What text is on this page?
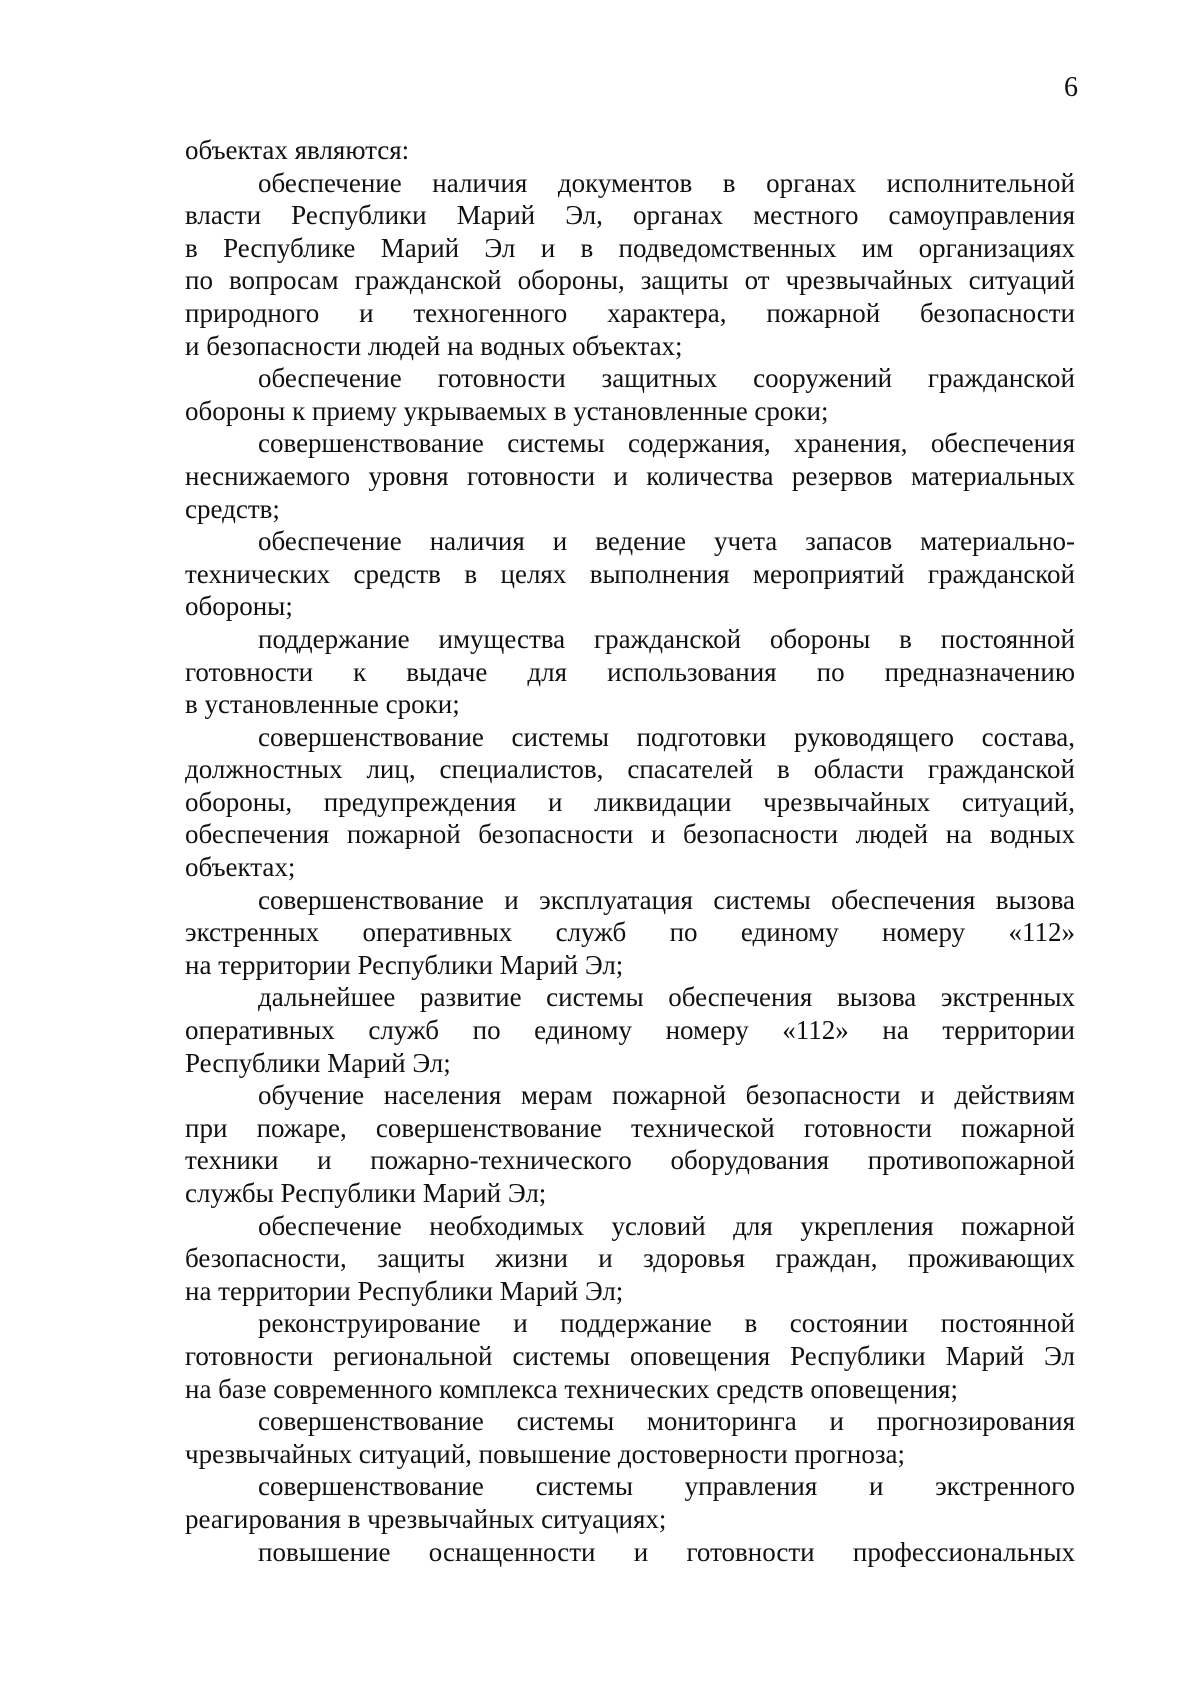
6
объектах являются:
обеспечение наличия документов в органах исполнительной
власти Республики Марий Эл, органах местного самоуправления
в Республике Марий Эл и в подведомственных им организациях
по вопросам гражданской обороны, защиты от чрезвычайных ситуаций
природного и техногенного характера, пожарной безопасности
и безопасности людей на водных объектах;
обеспечение готовности защитных сооружений гражданской
обороны к приему укрываемых в установленные сроки;
совершенствование системы содержания, хранения, обеспечения
неснижаемого уровня готовности и количества резервов материальных
средств;
обеспечение наличия и ведение учета запасов материально-
технических средств в целях выполнения мероприятий гражданской
обороны;
поддержание имущества гражданской обороны в постоянной
готовности к выдаче для использования по предназначению
в установленные сроки;
совершенствование системы подготовки руководящего состава,
должностных лиц, специалистов, спасателей в области гражданской
обороны, предупреждения и ликвидации чрезвычайных ситуаций,
обеспечения пожарной безопасности и безопасности людей на водных
объектах;
совершенствование и эксплуатация системы обеспечения вызова
экстренных оперативных служб по единому номеру «112»
на территории Республики Марий Эл;
дальнейшее развитие системы обеспечения вызова экстренных
оперативных служб по единому номеру «112» на территории
Республики Марий Эл;
обучение населения мерам пожарной безопасности и действиям
при пожаре, совершенствование технической готовности пожарной
техники и пожарно-технического оборудования противопожарной
службы Республики Марий Эл;
обеспечение необходимых условий для укрепления пожарной
безопасности, защиты жизни и здоровья граждан, проживающих
на территории Республики Марий Эл;
реконструирование и поддержание в состоянии постоянной
готовности региональной системы оповещения Республики Марий Эл
на базе современного комплекса технических средств оповещения;
совершенствование системы мониторинга и прогнозирования
чрезвычайных ситуаций, повышение достоверности прогноза;
совершенствование системы управления и экстренного
реагирования в чрезвычайных ситуациях;
повышение оснащенности и готовности профессиональных
